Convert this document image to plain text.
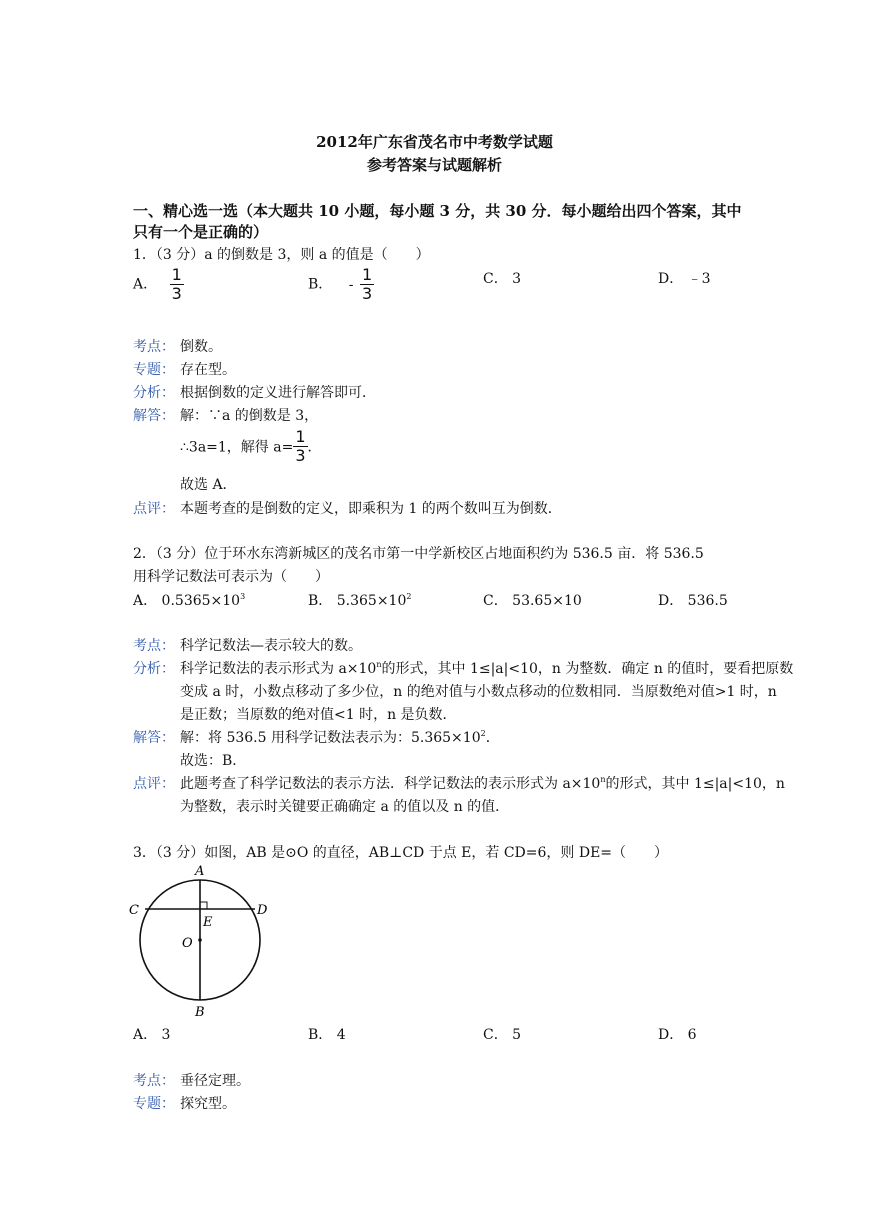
2012年广东省茂名市中考数学试题
参考答案与试题解析
一、精心选一选（本大题共 10 小题，每小题 3 分，共 30 分．每小题给出四个答案，其中
只有一个是正确的）
1．（3 分）a 的倒数是 3，则 a 的值是（　　）
A． $\frac{1}{3}$	B． - $\frac{1}{3}$	C． 3	D． ﹣3
考点： 倒数。
专题： 存在型。
分析： 根据倒数的定义进行解答即可．
解答： 解：∵a 的倒数是 3，
∴3a=1，解得 $a= \frac{1}{3}$ ．
故选 A．
点评： 本题考查的是倒数的定义，即乘积为 1 的两个数叫互为倒数．
2．（3 分）位于环水东湾新城区的茂名市第一中学新校区占地面积约为 536.5 亩．将 536.5
用科学记数法可表示为（　　）
A． $0.5365\times 10^3$	B． $5.365\times 10^2$	C． 53.65×10	D． 536.5
考点： 科学记数法—表示较大的数。
分析： 科学记数法的表示形式为 $a\times 10^n$的形式，其中 1≤|a|<10，n 为整数．确定 n 的值时，要看把原数
变成 a 时，小数点移动了多少位，n 的绝对值与小数点移动的位数相同．当原数绝对值>1 时，n
是正数；当原数的绝对值<1 时，n 是负数．
解答： 解：将 536.5 用科学记数法表示为：$5.365\times 10^2$．
故选：B．
点评： 此题考查了科学记数法的表示方法．科学记数法的表示形式为 $a\times 10^n$的形式，其中 1≤|a|<10，n
为整数，表示时关键要正确确定 a 的值以及 n 的值．
3．（3 分）如图，AB 是⊙O 的直径，AB⊥CD 于点 E，若 CD=6，则 DE=（　　）
A
B
C	D
E
O
A． 3	B． 4	C． 5	D． 6
考点： 垂径定理。
专题： 探究型。
